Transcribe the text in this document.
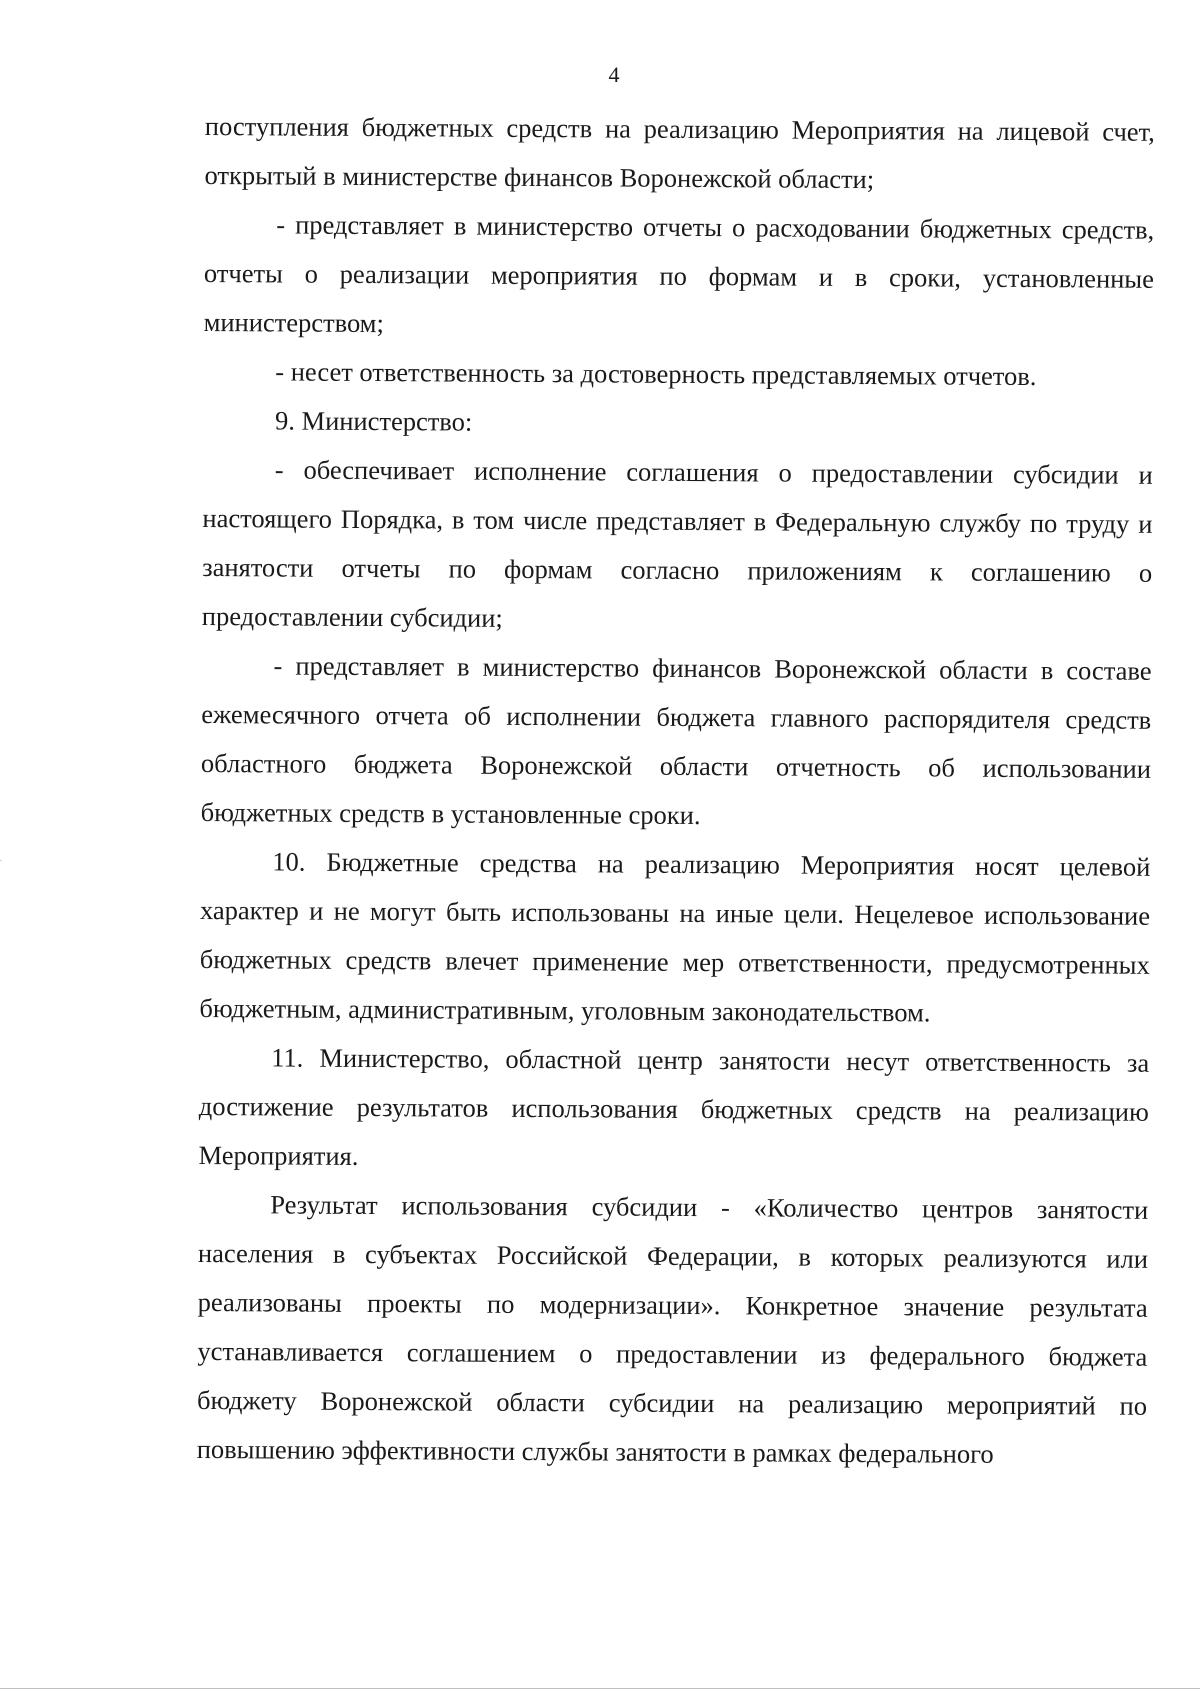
4

поступления бюджетных средств на реализацию Мероприятия на лицевой счет, открытый в министерстве финансов Воронежской области;

- представляет в министерство отчеты о расходовании бюджетных средств, отчеты о реализации мероприятия по формам и в сроки, установленные министерством;

- несет ответственность за достоверность представляемых отчетов.

9. Министерство:

- обеспечивает исполнение соглашения о предоставлении субсидии и настоящего Порядка, в том числе представляет в Федеральную службу по труду и занятости отчеты по формам согласно приложениям к соглашению о предоставлении субсидии;

- представляет в министерство финансов Воронежской области в составе ежемесячного отчета об исполнении бюджета главного распорядителя средств областного бюджета Воронежской области отчетность об использовании бюджетных средств в установленные сроки.

10. Бюджетные средства на реализацию Мероприятия носят целевой характер и не могут быть использованы на иные цели. Нецелевое использование бюджетных средств влечет применение мер ответственности, предусмотренных бюджетным, административным, уголовным законодательством.

11. Министерство, областной центр занятости несут ответственность за достижение результатов использования бюджетных средств на реализацию Мероприятия.

Результат использования субсидии - «Количество центров занятости населения в субъектах Российской Федерации, в которых реализуются или реализованы проекты по модернизации». Конкретное значение результата устанавливается соглашением о предоставлении из федерального бюджета бюджету Воронежской области субсидии на реализацию мероприятий по повышению эффективности службы занятости в рамках федерального
